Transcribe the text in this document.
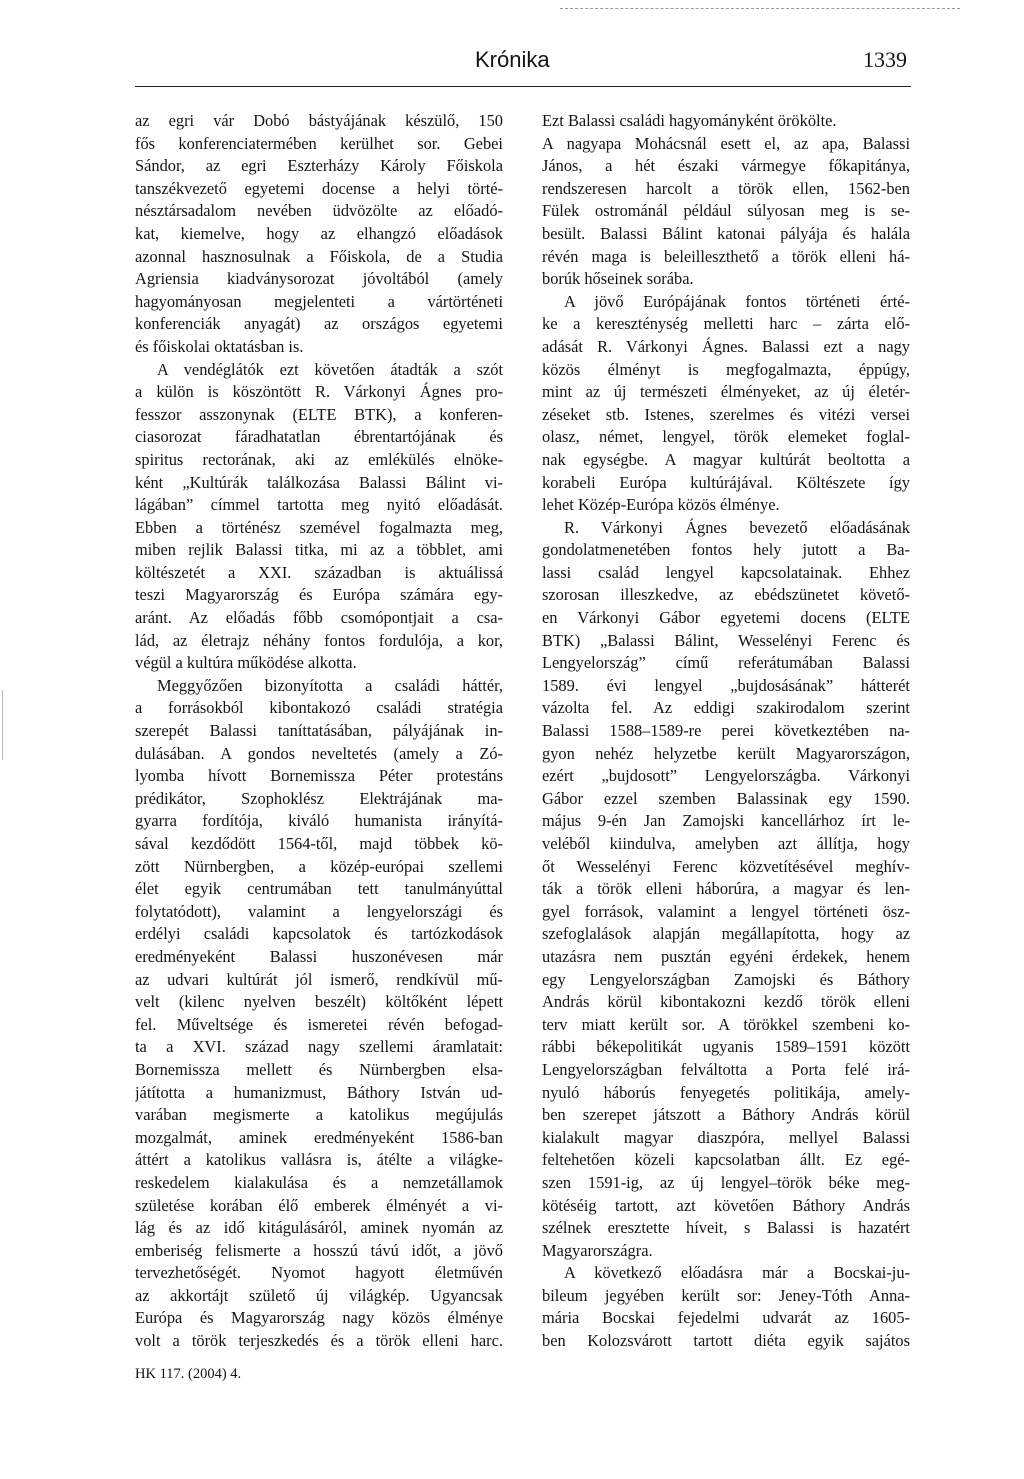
Krónika	1339
az egri vár Dobó bástyájának készülő, 150
fős konferenciatermében kerülhet sor. Gebei
Sándor, az egri Eszterházy Károly Főiskola
tanszékvezető egyetemi docense a helyi törté-
nésztársadalom nevében üdvözölte az előadó-
kat, kiemelve, hogy az elhangzó előadások
azonnal hasznosulnak a Főiskola, de a Studia
Agriensia kiadványsorozat jóvoltából (amely
hagyományosan megjelenteti a vártörténeti
konferenciák anyagát) az országos egyetemi
és főiskolai oktatásban is.
A vendéglátók ezt követően átadták a szót
a külön is köszöntött R. Várkonyi Ágnes pro-
fesszor asszonynak (ELTE BTK), a konferen-
ciasorozat fáradhatatlan ébrentartójának és
spiritus rectorának, aki az emlékülés elnöke-
ként „Kultúrák találkozása Balassi Bálint vi-
lágában” címmel tartotta meg nyitó előadását.
Ebben a történész szemével fogalmazta meg,
miben rejlik Balassi titka, mi az a többlet, ami
költészetét a XXI. században is aktuálissá
teszi Magyarország és Európa számára egy-
aránt. Az előadás főbb csomópontjait a csa-
lád, az életrajz néhány fontos fordulója, a kor,
végül a kultúra működése alkotta.
Meggyőzően bizonyította a családi háttér,
a forrásokból kibontakozó családi stratégia
szerepét Balassi taníttatásában, pályájának in-
dulásában. A gondos neveltetés (amely a Zó-
lyomba hívott Bornemissza Péter protestáns
prédikátor, Szophoklész Elektrájának ma-
gyarra fordítója, kiváló humanista irányítá-
sával kezdődött 1564-től, majd többek kö-
zött Nürnbergben, a közép-európai szellemi
élet egyik centrumában tett tanulmányúttal
folytatódott), valamint a lengyelországi és
erdélyi családi kapcsolatok és tartózkodások
eredményeként Balassi huszonévesen már
az udvari kultúrát jól ismerő, rendkívül mű-
velt (kilenc nyelven beszélt) költőként lépett
fel. Műveltsége és ismeretei révén befogad-
ta a XVI. század nagy szellemi áramlatait:
Bornemissza mellett és Nürnbergben elsa-
játította a humanizmust, Báthory István ud-
varában megismerte a katolikus megújulás
mozgalmát, aminek eredményeként 1586-ban
áttért a katolikus vallásra is, átélte a világke-
reskedelem kialakulása és a nemzetállamok
születése korában élő emberek élményét a vi-
lág és az idő kitágulásáról, aminek nyomán az
emberiség felismerte a hosszú távú időt, a jövő
tervezhetőségét. Nyomot hagyott életművén
az akkortájt születő új világkép. Ugyancsak
Európa és Magyarország nagy közös élménye
volt a török terjeszkedés és a török elleni harc.
Ezt Balassi családi hagyományként örökölte.
A nagyapa Mohácsnál esett el, az apa, Balassi
János, a hét északi vármegye főkapitánya,
rendszeresen harcolt a török ellen, 1562-ben
Fülek ostrománál például súlyosan meg is se-
besült. Balassi Bálint katonai pályája és halála
révén maga is beleilleszthető a török elleni há-
borúk hőseinek sorába.
A jövő Európájának fontos történeti érté-
ke a kereszténység melletti harc – zárta elő-
adását R. Várkonyi Ágnes. Balassi ezt a nagy
közös élményt is megfogalmazta, éppúgy,
mint az új természeti élményeket, az új életér-
zéseket stb. Istenes, szerelmes és vitézi versei
olasz, német, lengyel, török elemeket foglal-
nak egységbe. A magyar kultúrát beoltotta a
korabeli Európa kultúrájával. Költészete így
lehet Közép-Európa közös élménye.
R. Várkonyi Ágnes bevezető előadásának
gondolatmenetében fontos hely jutott a Ba-
lassi család lengyel kapcsolatainak. Ehhez
szorosan illeszkedve, az ebédszünetet követő-
en Várkonyi Gábor egyetemi docens (ELTE
BTK) „Balassi Bálint, Wesselényi Ferenc és
Lengyelország” című referátumában Balassi
1589. évi lengyel „bujdosásának” hátterét
vázolta fel. Az eddigi szakirodalom szerint
Balassi 1588–1589-re perei következtében na-
gyon nehéz helyzetbe került Magyarországon,
ezért „bujdosott” Lengyelországba. Várkonyi
Gábor ezzel szemben Balassinak egy 1590.
május 9-én Jan Zamojski kancellárhoz írt le-
veléből kiindulva, amelyben azt állítja, hogy
őt Wesselényi Ferenc közvetítésével meghív-
ták a török elleni háborúra, a magyar és len-
gyel források, valamint a lengyel történeti ösz-
szefoglalások alapján megállapította, hogy az
utazásra nem pusztán egyéni érdekek, henem
egy Lengyelországban Zamojski és Báthory
András körül kibontakozni kezdő török elleni
terv miatt került sor. A törökkel szembeni ko-
rábbi békepolitikát ugyanis 1589–1591 között
Lengyelországban felváltotta a Porta felé irá-
nyuló háborús fenyegetés politikája, amely-
ben szerepet játszott a Báthory András körül
kialakult magyar diaszpóra, mellyel Balassi
feltehetően közeli kapcsolatban állt. Ez egé-
szen 1591-ig, az új lengyel–török béke meg-
kötéséig tartott, azt követően Báthory András
szélnek eresztette híveit, s Balassi is hazatért
Magyarországra.
A következő előadásra már a Bocskai-ju-
bileum jegyében került sor: Jeney-Tóth Anna-
mária Bocskai fejedelmi udvarát az 1605-
ben Kolozsvárott tartott diéta egyik sajátos
HK 117. (2004) 4.
